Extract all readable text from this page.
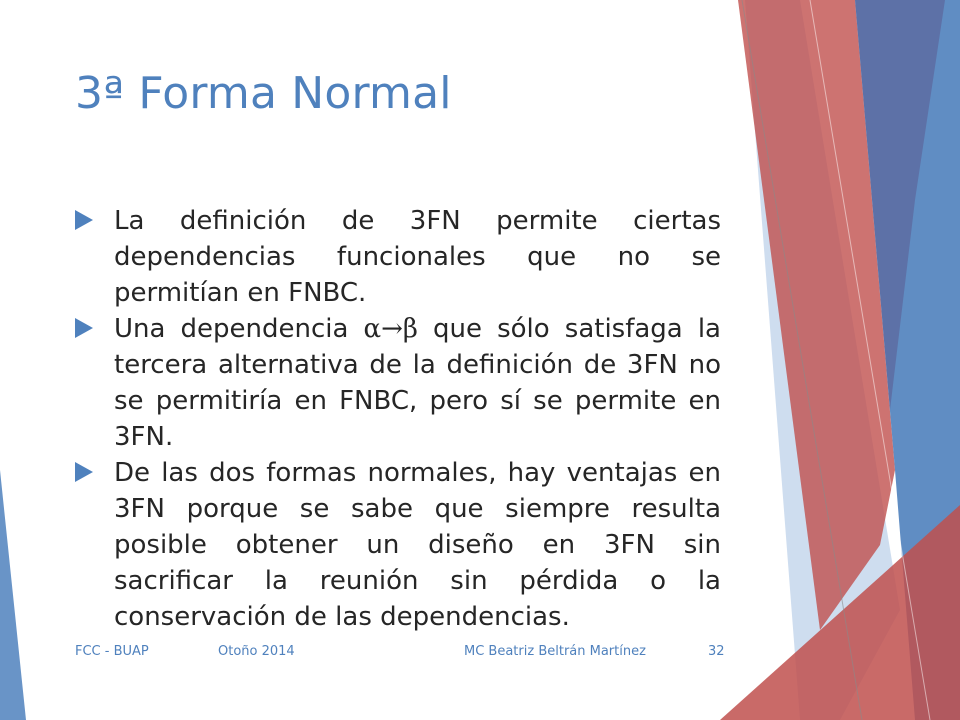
3ª Forma Normal

La definición de 3FN permite ciertas dependencias funcionales que no se permitían en FNBC.

Una dependencia α→β que sólo satisfaga la tercera alternativa de la definición de 3FN no se permitiría en FNBC, pero sí se permite en 3FN.

De las dos formas normales, hay ventajas en 3FN porque se sabe que siempre resulta posible obtener un diseño en 3FN sin sacrificar la reunión sin pérdida o la conservación de las dependencias.

FCC - BUAP	Otoño 2014	MC Beatriz Beltrán Martínez	32
